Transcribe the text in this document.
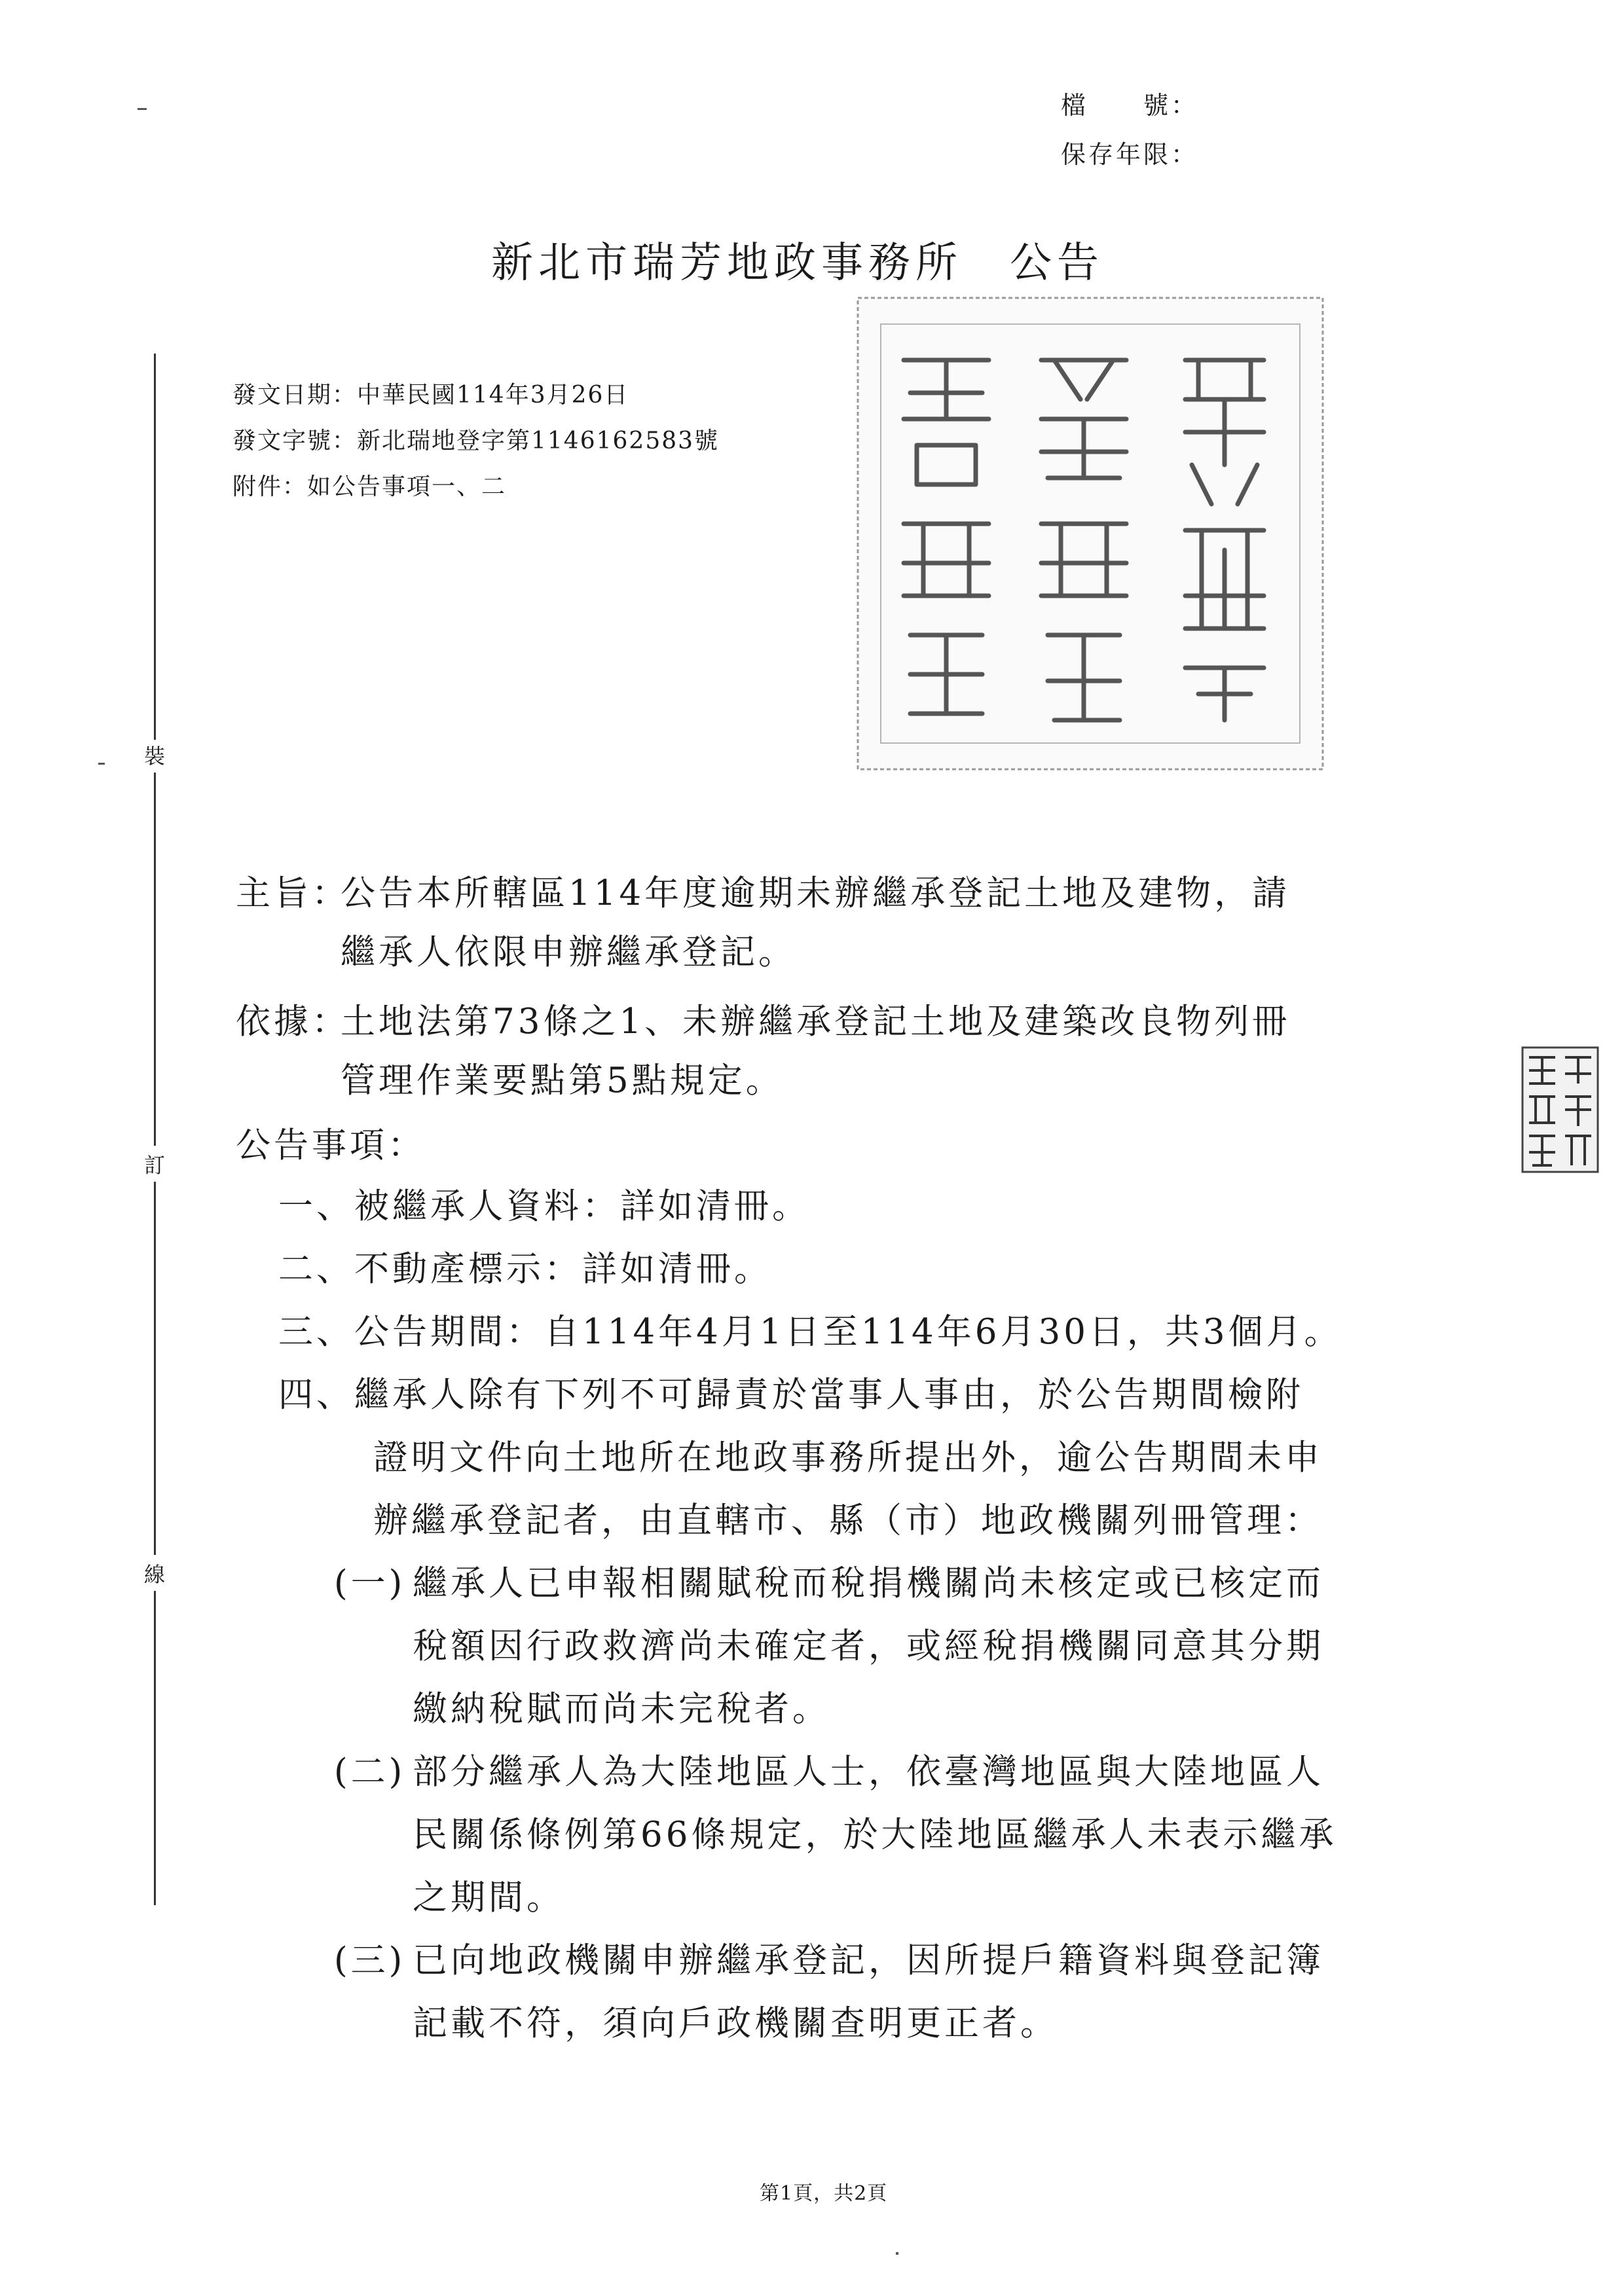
檔　　號：
保存年限：
新北市瑞芳地政事務所　公告
發文日期：中華民國114年3月26日
發文字號：新北瑞地登字第1146162583號
附件：如公告事項一、二
裝
訂
線
主旨：
公告本所轄區114年度逾期未辦繼承登記土地及建物，請
繼承人依限申辦繼承登記。
依據：
土地法第73條之1、未辦繼承登記土地及建築改良物列冊
管理作業要點第5點規定。
公告事項：
一、被繼承人資料：詳如清冊。
二、不動產標示：詳如清冊。
三、公告期間：自114年4月1日至114年6月30日，共3個月。
四、繼承人除有下列不可歸責於當事人事由，於公告期間檢附
證明文件向土地所在地政事務所提出外，逾公告期間未申
辦繼承登記者，由直轄市、縣（市）地政機關列冊管理：
(一) 繼承人已申報相關賦稅而稅捐機關尚未核定或已核定而
稅額因行政救濟尚未確定者，或經稅捐機關同意其分期
繳納稅賦而尚未完稅者。
(二) 部分繼承人為大陸地區人士，依臺灣地區與大陸地區人
民關係條例第66條規定，於大陸地區繼承人未表示繼承
之期間。
(三) 已向地政機關申辦繼承登記，因所提戶籍資料與登記簿
記載不符，須向戶政機關查明更正者。
第1頁，共2頁
